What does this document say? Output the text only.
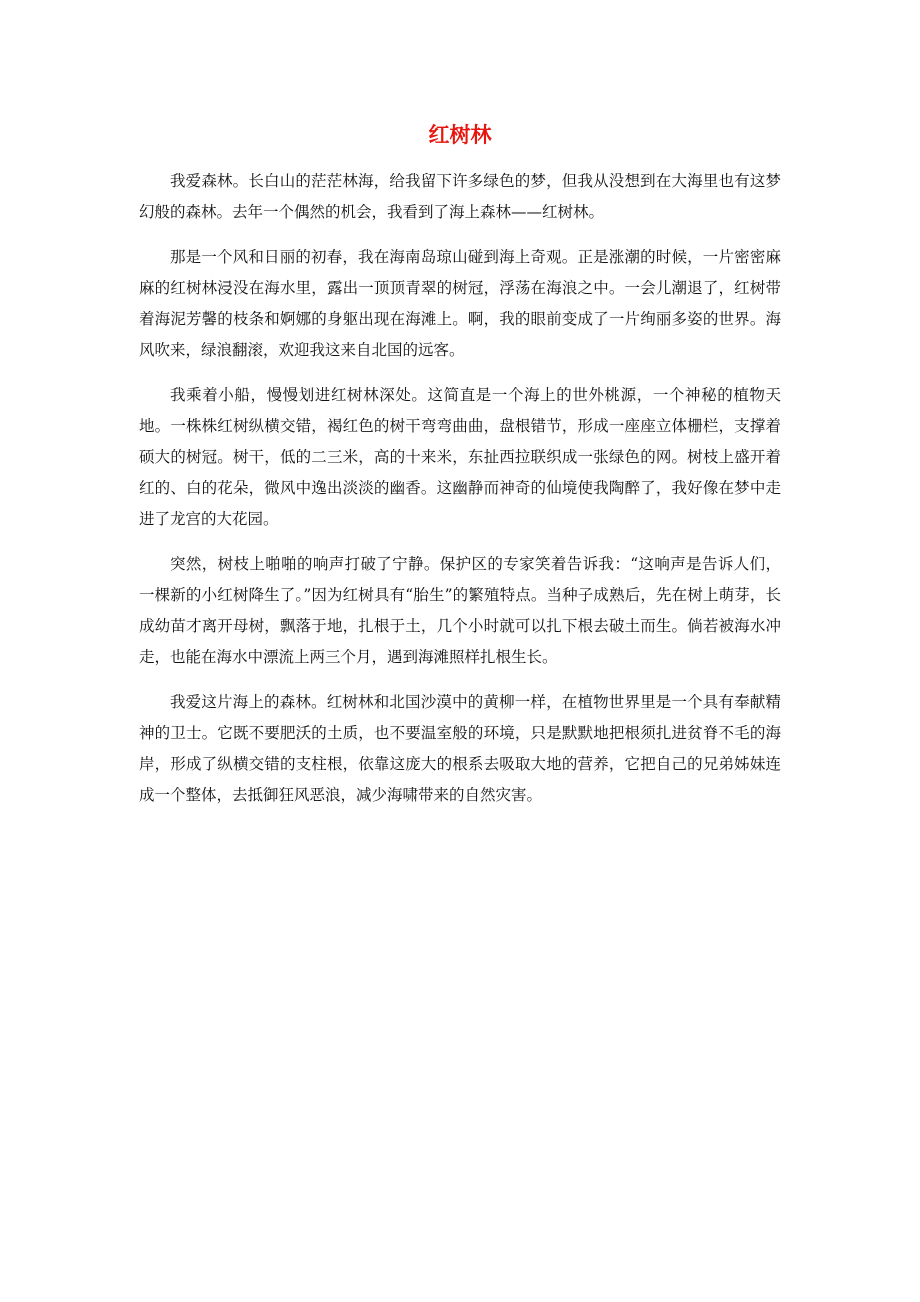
红树林

我爱森林。长白山的茫茫林海，给我留下许多绿色的梦，但我从没想到在大海里也有这梦幻般的森林。去年一个偶然的机会，我看到了海上森林——红树林。

那是一个风和日丽的初春，我在海南岛琼山碰到海上奇观。正是涨潮的时候，一片密密麻麻的红树林浸没在海水里，露出一顶顶青翠的树冠，浮荡在海浪之中。一会儿潮退了，红树带着海泥芳馨的枝条和婀娜的身躯出现在海滩上。啊，我的眼前变成了一片绚丽多姿的世界。海风吹来，绿浪翻滚，欢迎我这来自北国的远客。

我乘着小船，慢慢划进红树林深处。这简直是一个海上的世外桃源，一个神秘的植物天地。一株株红树纵横交错，褐红色的树干弯弯曲曲，盘根错节，形成一座座立体栅栏，支撑着硕大的树冠。树干，低的二三米，高的十来米，东扯西拉联织成一张绿色的网。树枝上盛开着红的、白的花朵，微风中逸出淡淡的幽香。这幽静而神奇的仙境使我陶醉了，我好像在梦中走进了龙宫的大花园。

突然，树枝上啪啪的响声打破了宁静。保护区的专家笑着告诉我：“这响声是告诉人们，一棵新的小红树降生了。”因为红树具有“胎生”的繁殖特点。当种子成熟后，先在树上萌芽，长成幼苗才离开母树，飘落于地，扎根于土，几个小时就可以扎下根去破土而生。倘若被海水冲走，也能在海水中漂流上两三个月，遇到海滩照样扎根生长。

我爱这片海上的森林。红树林和北国沙漠中的黄柳一样，在植物世界里是一个具有奉献精神的卫士。它既不要肥沃的土质，也不要温室般的环境，只是默默地把根须扎进贫脊不毛的海岸，形成了纵横交错的支柱根，依靠这庞大的根系去吸取大地的营养，它把自己的兄弟姊妹连成一个整体，去抵御狂风恶浪，减少海啸带来的自然灾害。
